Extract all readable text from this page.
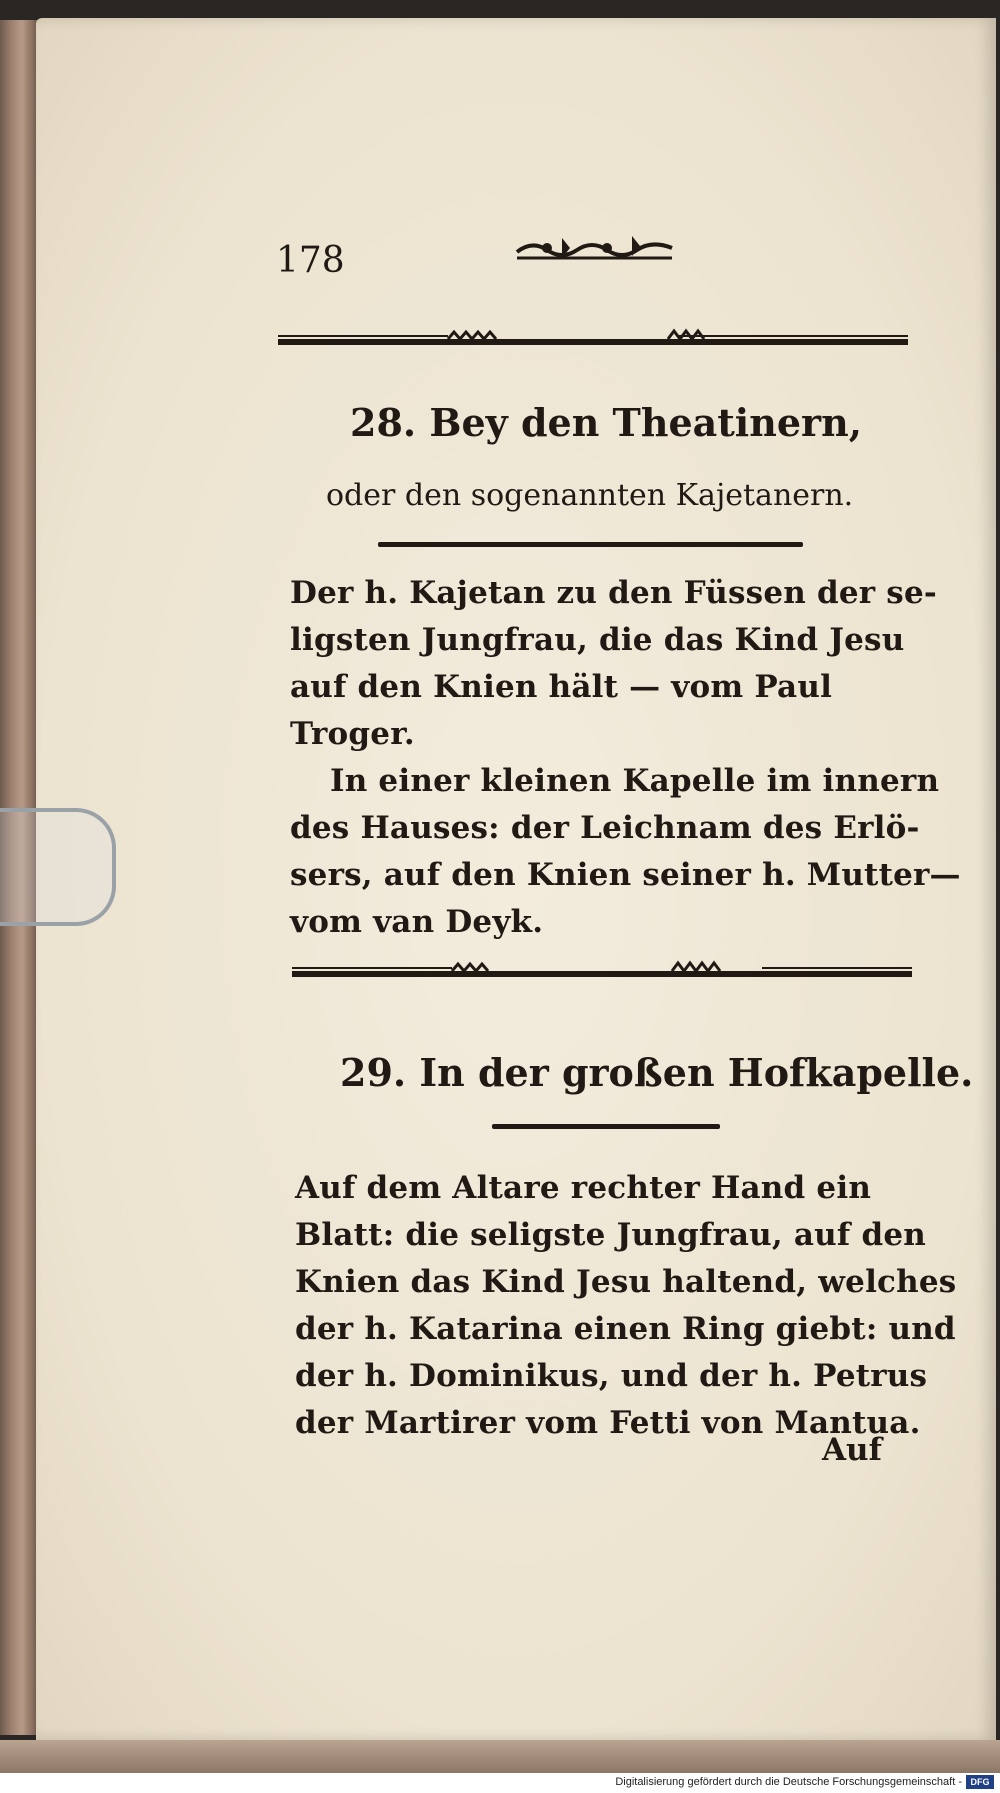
178
28. Bey den Theatinern,
oder den sogenannten Kajetanern.
Der h. Kajetan zu den Füssen der se-
ligsten Jungfrau, die das Kind Jesu
auf den Knien hält — vom Paul
Troger.
In einer kleinen Kapelle im innern
des Hauses: der Leichnam des Erlö-
sers, auf den Knien seiner h. Mutter—
vom van Deyk.
29. In der großen Hofkapelle.
Auf dem Altare rechter Hand ein
Blatt: die seligste Jungfrau, auf den
Knien das Kind Jesu haltend, welches
der h. Katarina einen Ring giebt: und
der h. Dominikus, und der h. Petrus
der Martirer vom Fetti von Mantua.
Auf
Digitalisierung gefördert durch die Deutsche Forschungsgemeinschaft - DFG
